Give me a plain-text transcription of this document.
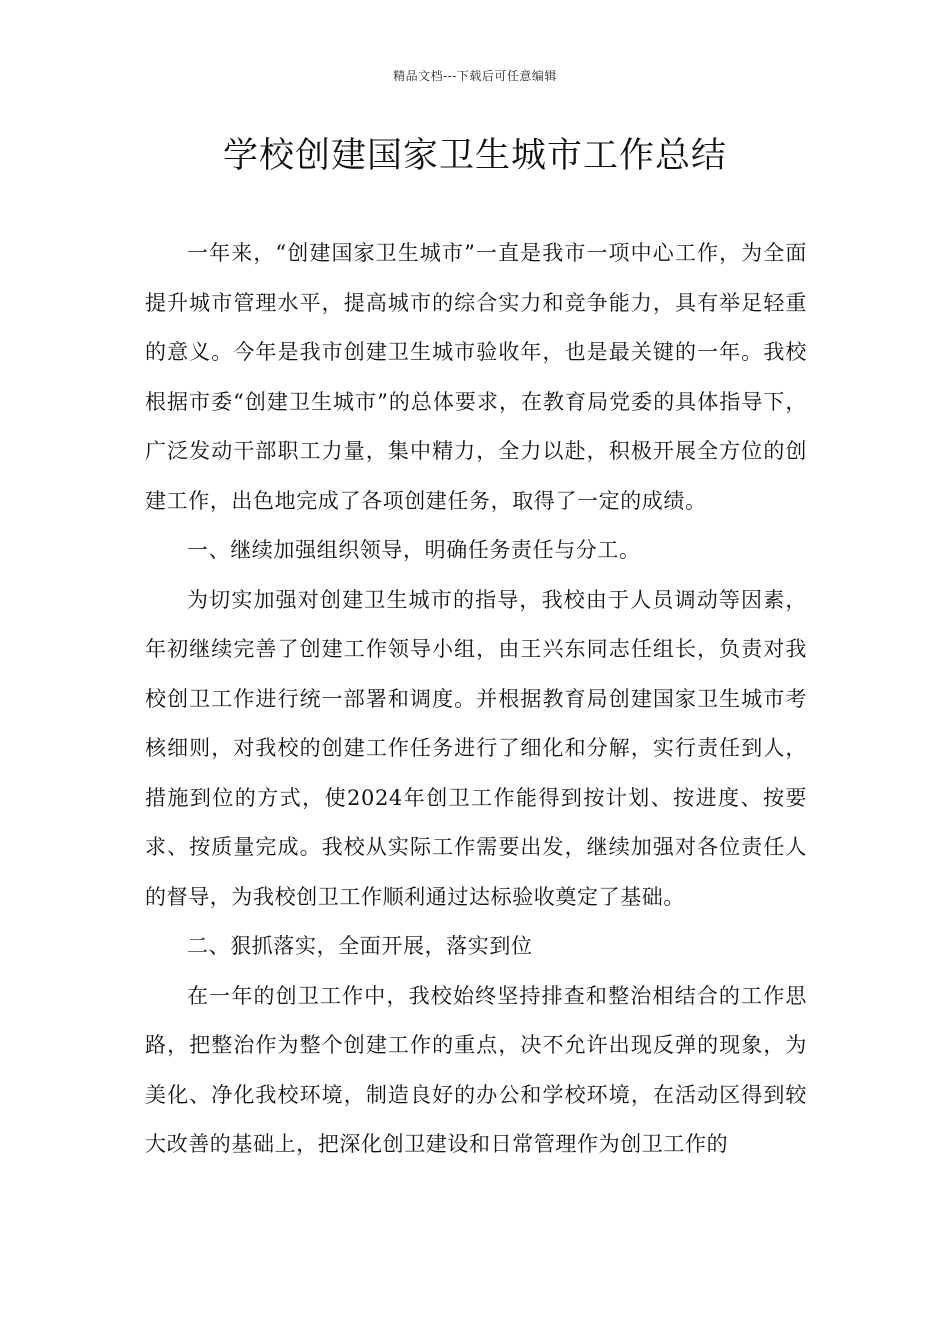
精品文档---下载后可任意编辑
学校创建国家卫生城市工作总结

一年来，“创建国家卫生城市”一直是我市一项中心工作，为全面提升城市管理水平，提高城市的综合实力和竞争能力，具有举足轻重的意义。今年是我市创建卫生城市验收年，也是最关键的一年。我校根据市委“创建卫生城市”的总体要求，在教育局党委的具体指导下，广泛发动干部职工力量，集中精力，全力以赴，积极开展全方位的创建工作，出色地完成了各项创建任务，取得了一定的成绩。

一、继续加强组织领导，明确任务责任与分工。

为切实加强对创建卫生城市的指导，我校由于人员调动等因素，年初继续完善了创建工作领导小组，由王兴东同志任组长，负责对我校创卫工作进行统一部署和调度。并根据教育局创建国家卫生城市考核细则，对我校的创建工作任务进行了细化和分解，实行责任到人，措施到位的方式，使2024年创卫工作能得到按计划、按进度、按要求、按质量完成。我校从实际工作需要出发，继续加强对各位责任人的督导，为我校创卫工作顺利通过达标验收奠定了基础。

二、狠抓落实，全面开展，落实到位

在一年的创卫工作中，我校始终坚持排查和整治相结合的工作思路，把整治作为整个创建工作的重点，决不允许出现反弹的现象，为美化、净化我校环境，制造良好的办公和学校环境，在活动区得到较大改善的基础上，把深化创卫建设和日常管理作为创卫工作的
